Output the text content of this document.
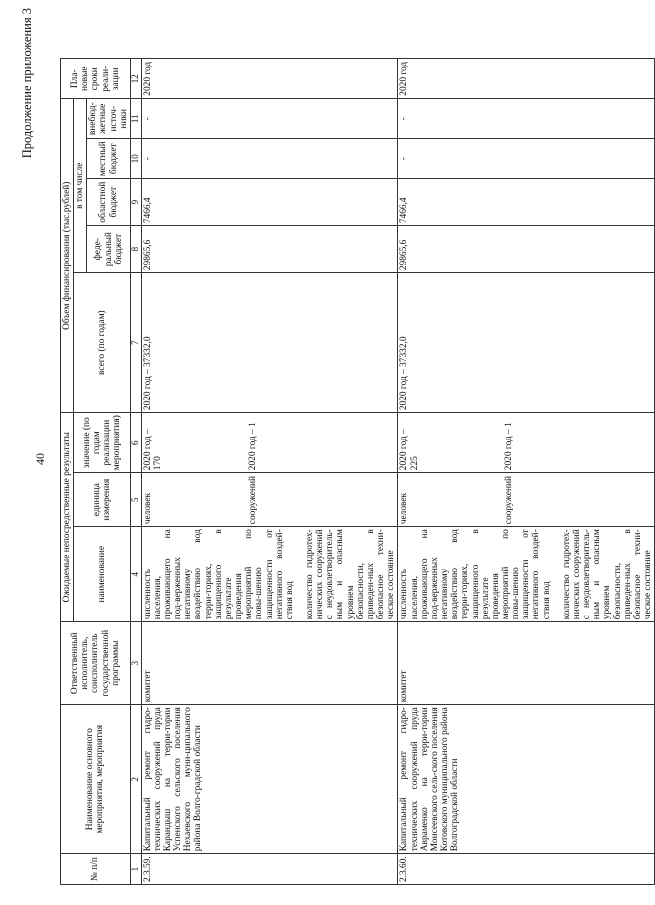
40
Продолжение приложения 3
№ п/п	Наименование основного мероприятия, мероприятия	Ответственный исполнитель, соисполнитель государственной программы	Ожидаемые непосредственные результаты			Объем финансирования (тыс.рублей)					Пла-новые сроки реали-зации
			наименование	единица измерения	значение (по годам реализации мероприятия)	всего (по годам)	в том числе				
							феде-ральный бюджет	областной бюджет	местный бюджет	внебюд-жетные источ-ники	
1	2	3	4	5	6	7	8	9	10	11	12
2.3.59.	Капитальный ремонт гидро-технических сооружений пруда Карандыш на терри-тории Успенского сельского поселения Нехаевского муни-ципального района Волго-градской области	комитет	численность населения, проживающего на под-верженных негативному воздействию вод терри-ториях, защищенного в результате проведения мероприятий по повы-шению защищенности от негативного воздей-ствия вод количество гидротех-нических сооружений с неудовлетворитель-ным и опасным уровнем безопасности, приведен-ных в безопасное техни-ческое состояние	человек сооружений	2020 год – 170 2020 год – 1	2020 год – 37332,0	29865,6	7466,4	-	-	2020 год
2.3.60.	Капитальный ремонт гидро-технических сооружений пруда Авраменко на терри-тории Моисеевского сель-ского поселения Котовского муниципального района Волгоградской области	комитет	численность населения, проживающего на под-верженных негативному воздействию вод терри-ториях, защищенного в результате проведения мероприятий по повы-шению защищенности от негативного воздей-ствия вод количество гидротех-нических сооружений с неудовлетворитель-ным и опасным уровнем безопасности, приведен-ных в безопасное техни-ческое состояние	человек сооружений	2020 год – 225 2020 год – 1	2020 год – 37332,0	29865,6	7466,4	-	-	2020 год
